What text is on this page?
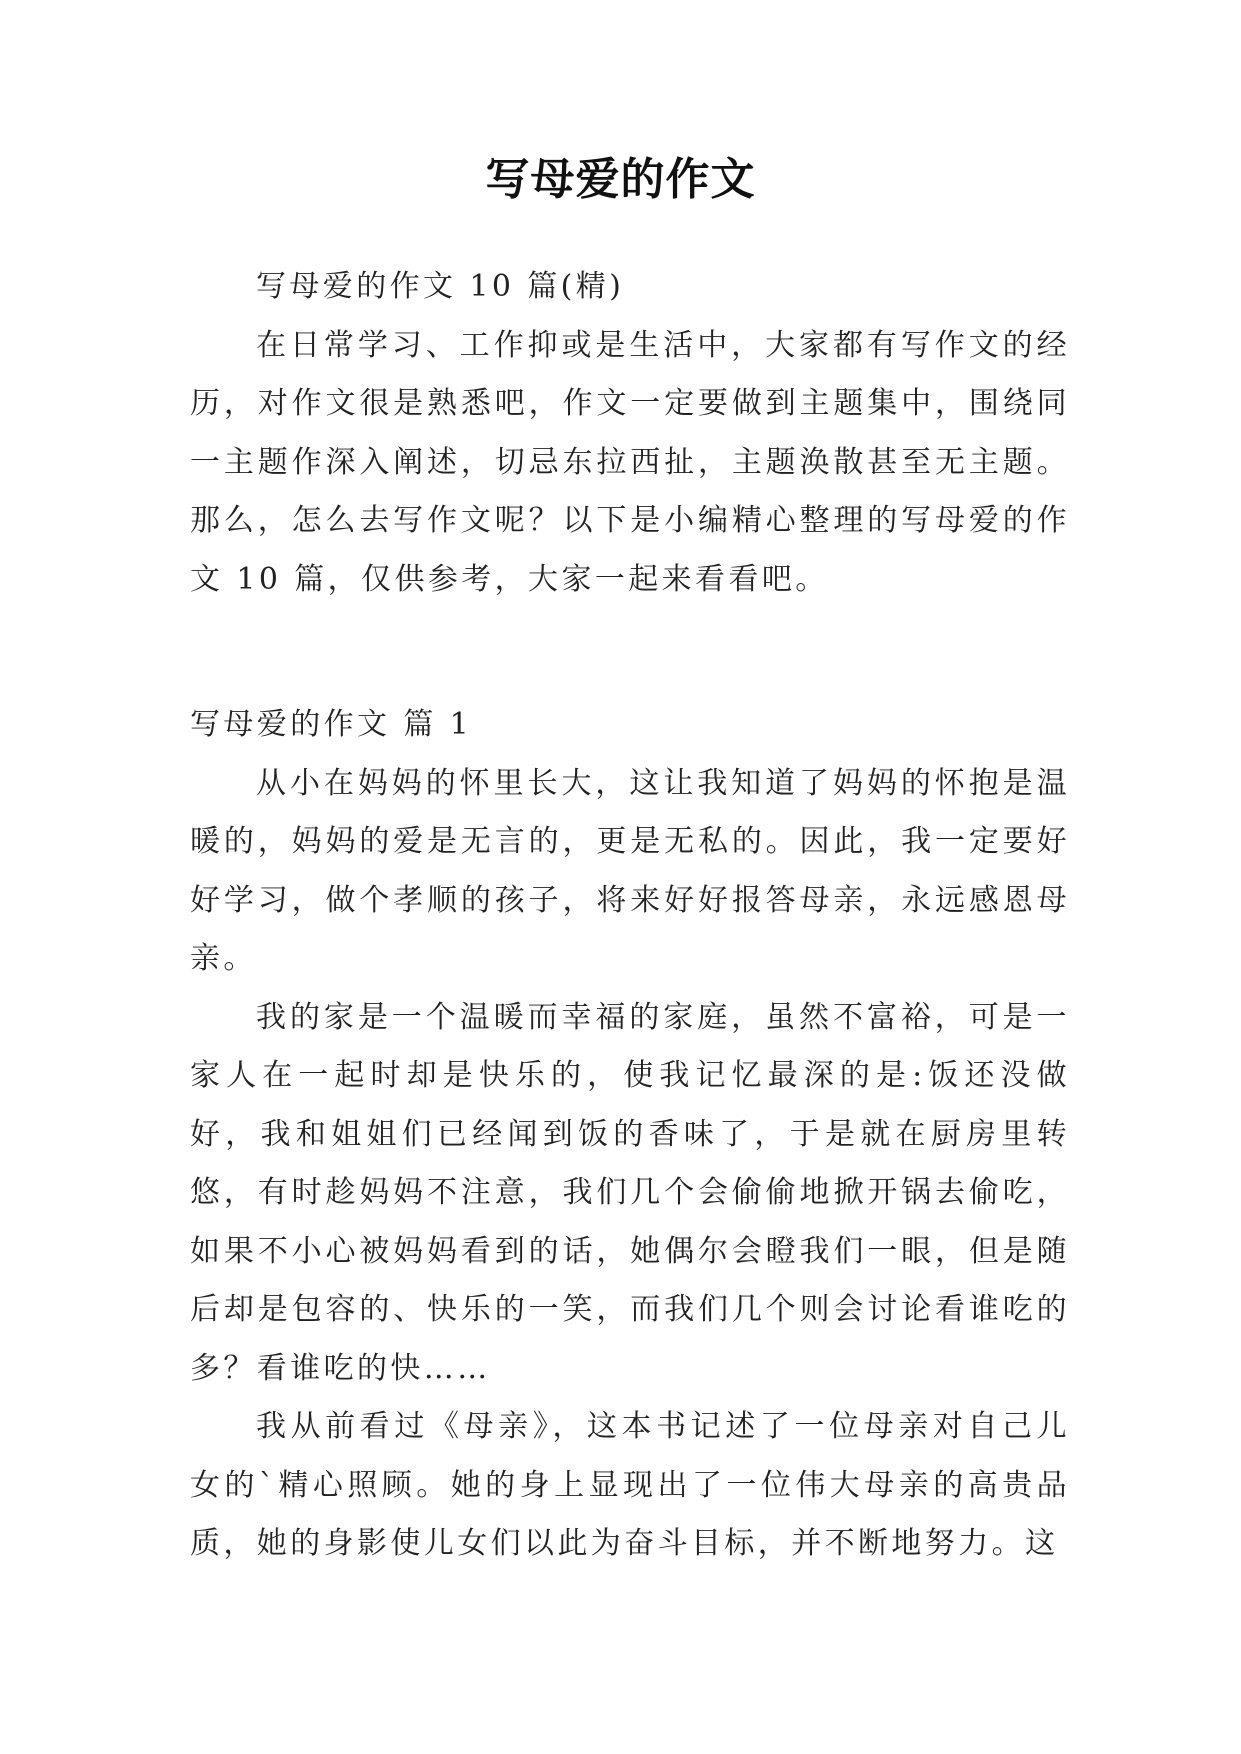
写母爱的作文

写母爱的作文 10 篇(精)

在日常学习、工作抑或是生活中，大家都有写作文的经历，对作文很是熟悉吧，作文一定要做到主题集中，围绕同一主题作深入阐述，切忌东拉西扯，主题涣散甚至无主题。那么，怎么去写作文呢？以下是小编精心整理的写母爱的作文 10 篇，仅供参考，大家一起来看看吧。

写母爱的作文 篇 1

从小在妈妈的怀里长大，这让我知道了妈妈的怀抱是温暖的，妈妈的爱是无言的，更是无私的。因此，我一定要好好学习，做个孝顺的孩子，将来好好报答母亲，永远感恩母亲。

我的家是一个温暖而幸福的家庭，虽然不富裕，可是一家人在一起时却是快乐的，使我记忆最深的是:饭还没做好，我和姐姐们已经闻到饭的香味了，于是就在厨房里转悠，有时趁妈妈不注意，我们几个会偷偷地掀开锅去偷吃，如果不小心被妈妈看到的话，她偶尔会瞪我们一眼，但是随后却是包容的、快乐的一笑，而我们几个则会讨论看谁吃的多？看谁吃的快……

我从前看过《母亲》，这本书记述了一位母亲对自己儿女的`精心照顾。她的身上显现出了一位伟大母亲的高贵品质，她的身影使儿女们以此为奋斗目标，并不断地努力。这
